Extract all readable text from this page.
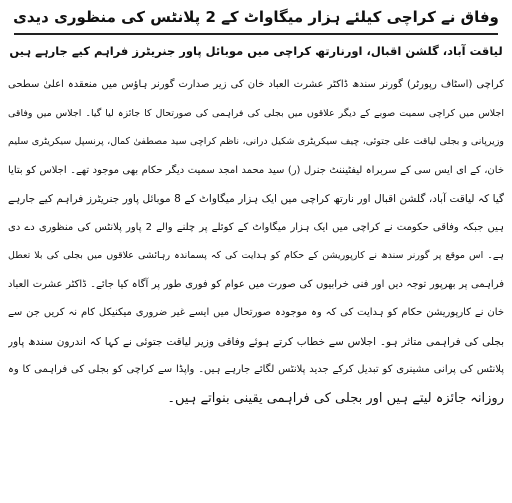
وفاق نے کراچی کیلئے ہزار میگاواٹ کے 2 پلانٹس کی منظوری دیدی
لیاقت آباد، گلشن اقبال، اورنارتھ کراچی میں موبائل پاور جنریٹرز فراہم کیے جارہے ہیں
کراچی (اسٹاف رپورٹر) گورنر سندھ ڈاکٹر عشرت العباد خان کی زیر صدارت گورنر ہاؤس میں منعقدہ اعلیٰ سطحی
اجلاس میں کراچی سمیت صوبے کے دیگر علاقوں میں بجلی کی فراہمی کی صورتحال کا جائزہ لیا گیا۔ اجلاس میں وفاقی
وزیرپانی و بجلی لیاقت علی جتوئی، چیف سیکریٹری شکیل درانی، ناظم کراچی سید مصطفیٰ کمال، پرنسپل سیکریٹری سلیم
خان، کے ای ایس سی کے سربراہ لیفٹیننٹ جنرل (ر) سید محمد امجد سمیت دیگر حکام بھی موجود تھے۔ اجلاس کو بتایا
گیا کہ لیاقت آباد، گلشن اقبال اور نارتھ کراچی میں ایک ہزار میگاواٹ کے 8 موبائل پاور جنریٹرز فراہم کیے جارہے
ہیں جبکہ وفاقی حکومت نے کراچی میں ایک ہزار میگاواٹ کے کوئلے پر چلنے والے 2 پاور پلانٹس کی منظوری دے دی
ہے۔ اس موقع پر گورنر سندھ نے کارپوریشن کے حکام کو ہدایت کی کہ پسماندہ رہائشی علاقوں میں بجلی کی بلا تعطل
فراہمی پر بھرپور توجہ دیں اور فنی خرابیوں کی صورت میں عوام کو فوری طور پر آگاہ کیا جائے۔ ڈاکٹر عشرت العباد
خان نے کارپوریشن حکام کو ہدایت کی کہ وہ موجودہ صورتحال میں ایسے غیر ضروری میکنیکل کام نہ کریں جن سے
بجلی کی فراہمی متاثر ہو۔ اجلاس سے خطاب کرتے ہوئے وفاقی وزیر لیاقت جتوئی نے کہا کہ اندرون سندھ پاور
پلانٹس کی پرانی مشینری کو تبدیل کرکے جدید پلانٹس لگائے جارہے ہیں۔ واپڈا سے کراچی کو بجلی کی فراہمی کا وہ
روزانہ جائزہ لیتے ہیں اور بجلی کی فراہمی یقینی بنواتے ہیں۔
